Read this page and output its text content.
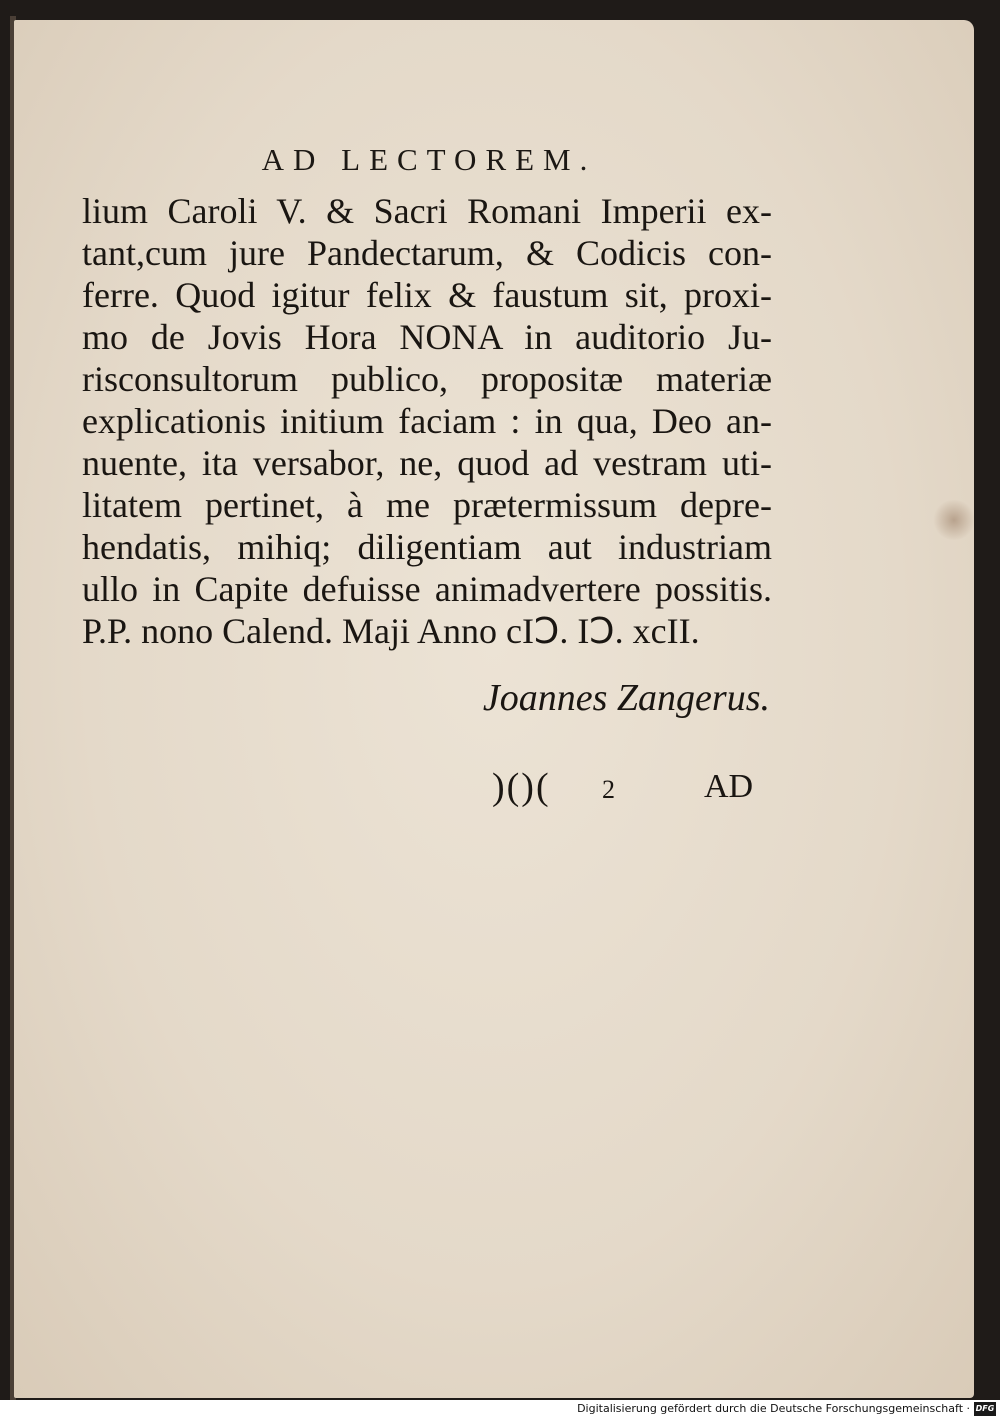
AD LECTOREM.
lium Caroli V. & Sacri Romani Imperii ex-
tant,cum jure Pandectarum, & Codicis con-
ferre. Quod igitur felix & faustum sit, proxi-
mo de Jovis Hora NONA in auditorio Ju-
risconsultorum publico, propositæ materiæ
explicationis initium faciam : in qua, Deo an-
nuente, ita versabor, ne, quod ad vestram uti-
litatem pertinet, à me prætermissum depre-
hendatis, mihiq; diligentiam aut industriam
ullo in Capite defuisse animadvertere possitis.
P.P. nono Calend. Maji Anno cIↃ. IↃ. xcII.
Joannes Zangerus.
)()( 2	AD
Digitalisierung gefördert durch die Deutsche Forschungsgemeinschaft · DFG
